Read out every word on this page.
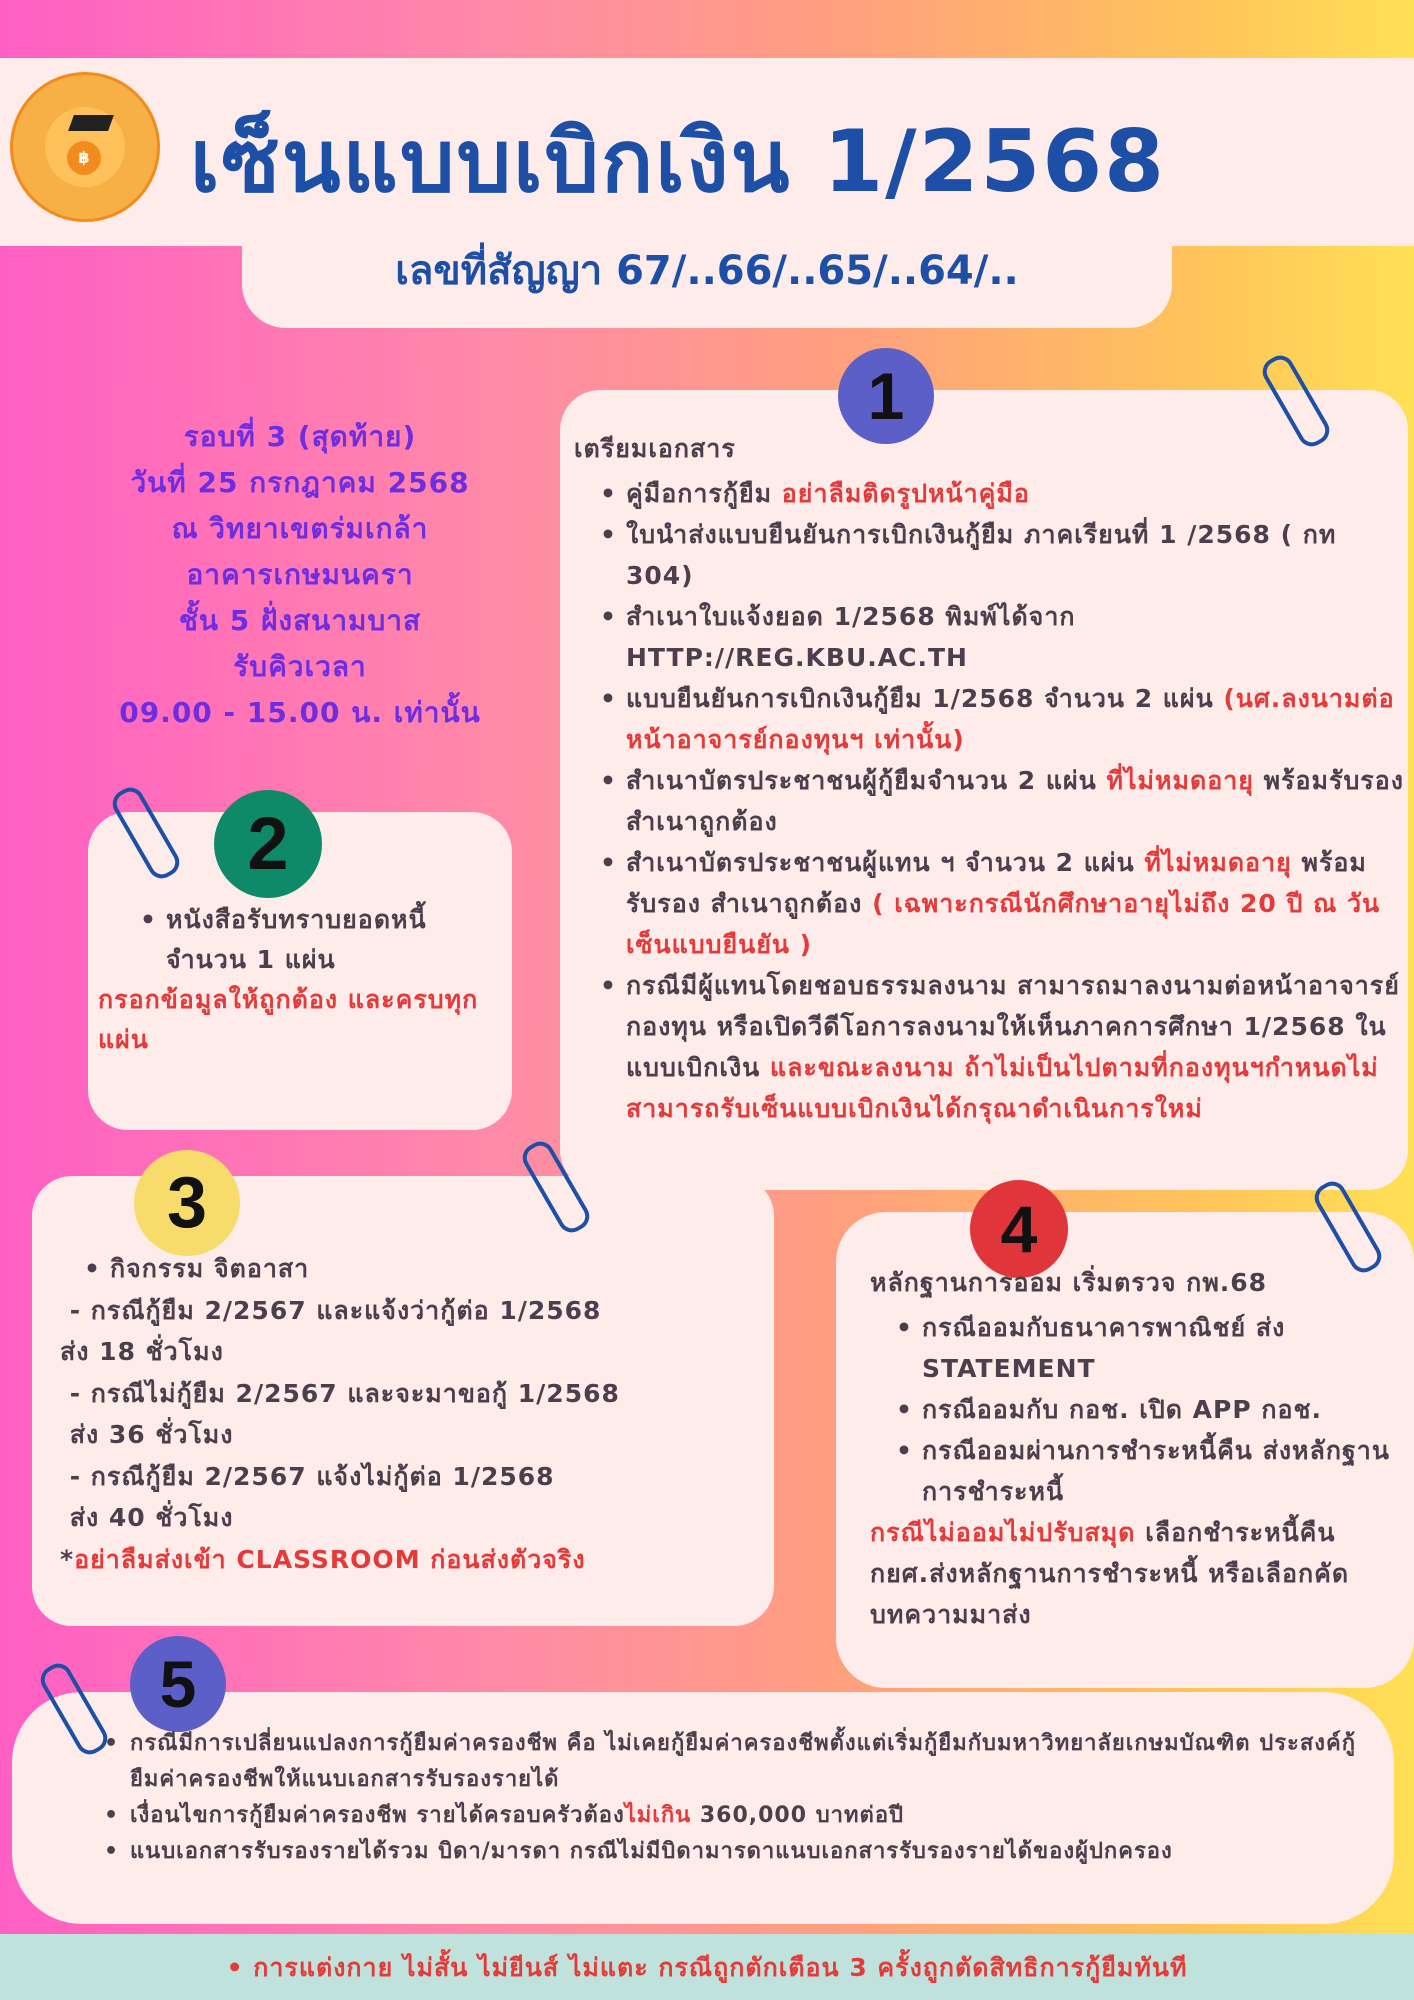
฿ เซ็นแบบเบิกเงิน 1/2568
เลขที่สัญญา 67/..66/..65/..64/..
รอบที่ 3 (สุดท้าย)
วันที่ 25 กรกฎาคม 2568
ณ วิทยาเขตร่มเกล้า
อาคารเกษมนครา
ชั้น 5 ฝั่งสนามบาส
รับคิวเวลา
09.00 - 15.00 น. เท่านั้น
1
2
3	4
5
เตรียมเอกสาร
• คู่มือการกู้ยืม อย่าลืมติดรูปหน้าคู่มือ
• ใบนำส่งแบบยืนยันการเบิกเงินกู้ยืม ภาคเรียนที่ 1 /2568 ( กท 304)
• สำเนาใบแจ้งยอด 1/2568 พิมพ์ได้จาก HTTP://REG.KBU.AC.TH
• แบบยืนยันการเบิกเงินกู้ยืม 1/2568 จำนวน 2 แผ่น (นศ.ลงนามต่อหน้าอาจารย์กองทุนฯ เท่านั้น)
• สำเนาบัตรประชาชนผู้กู้ยืมจำนวน 2 แผ่น ที่ไม่หมดอายุ พร้อมรับรอง สำเนาถูกต้อง
• สำเนาบัตรประชาชนผู้แทน ฯ จำนวน 2 แผ่น ที่ไม่หมดอายุ พร้อมรับรอง สำเนาถูกต้อง ( เฉพาะกรณีนักศึกษาอายุไม่ถึง 20 ปี ณ วันเซ็นแบบยืนยัน )
• กรณีมีผู้แทนโดยชอบธรรมลงนาม สามารถมาลงนามต่อหน้าอาจารย์กองทุน หรือเปิดวีดีโอการลงนามให้เห็นภาคการศึกษา 1/2568 ในแบบเบิกเงิน และขณะลงนาม ถ้าไม่เป็นไปตามที่กองทุนฯกำหนดไม่สามารถรับเซ็นแบบเบิกเงินได้กรุณาดำเนินการใหม่
• หนังสือรับทราบยอดหนี้ จำนวน 1 แผ่น
กรอกข้อมูลให้ถูกต้อง และครบทุกแผ่น
• กิจกรรม จิตอาสา
- กรณีกู้ยืม 2/2567 และแจ้งว่ากู้ต่อ 1/2568
ส่ง 18 ชั่วโมง
- กรณีไม่กู้ยืม 2/2567 และจะมาขอกู้ 1/2568
ส่ง 36 ชั่วโมง
- กรณีกู้ยืม 2/2567 แจ้งไม่กู้ต่อ 1/2568
ส่ง 40 ชั่วโมง
*อย่าลืมส่งเข้า CLASSROOM ก่อนส่งตัวจริง
หลักฐานการออม เริ่มตรวจ กพ.68
• กรณีออมกับธนาคารพาณิชย์ ส่ง STATEMENT
• กรณีออมกับ กอช. เปิด APP กอช.
• กรณีออมผ่านการชำระหนี้คืน ส่งหลักฐานการชำระหนี้
กรณีไม่ออมไม่ปรับสมุด เลือกชำระหนี้คืน กยศ.ส่งหลักฐานการชำระหนี้ หรือเลือกคัดบทความมาส่ง
• กรณีมีการเปลี่ยนแปลงการกู้ยืมค่าครองชีพ คือ ไม่เคยกู้ยืมค่าครองชีพตั้งแต่เริ่มกู้ยืมกับมหาวิทยาลัยเกษมบัณฑิต ประสงค์กู้ยืมค่าครองชีพให้แนบเอกสารรับรองรายได้
• เงื่อนไขการกู้ยืมค่าครองชีพ รายได้ครอบครัวต้องไม่เกิน 360,000 บาทต่อปี
• แนบเอกสารรับรองรายได้รวม บิดา/มารดา กรณีไม่มีบิดามารดาแนบเอกสารรับรองรายได้ของผู้ปกครอง
• การแต่งกาย ไม่สั้น ไม่ยีนส์ ไม่แตะ กรณีถูกตักเตือน 3 ครั้งถูกตัดสิทธิการกู้ยืมทันที
